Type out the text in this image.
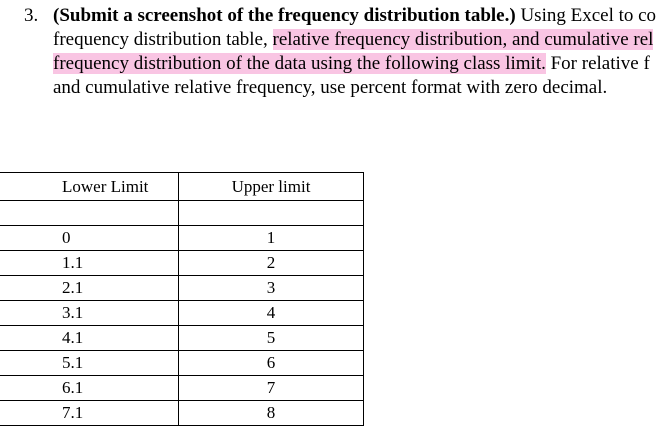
3. (Submit a screenshot of the frequency distribution table.) Using Excel to co
frequency distribution table, relative frequency distribution, and cumulative rel
frequency distribution of the data using the following class limit. For relative f
and cumulative relative frequency, use percent format with zero decimal.
Lower Limit	Upper limit

0	1
1.1	2
2.1	3
3.1	4
4.1	5
5.1	6
6.1	7
7.1	8
